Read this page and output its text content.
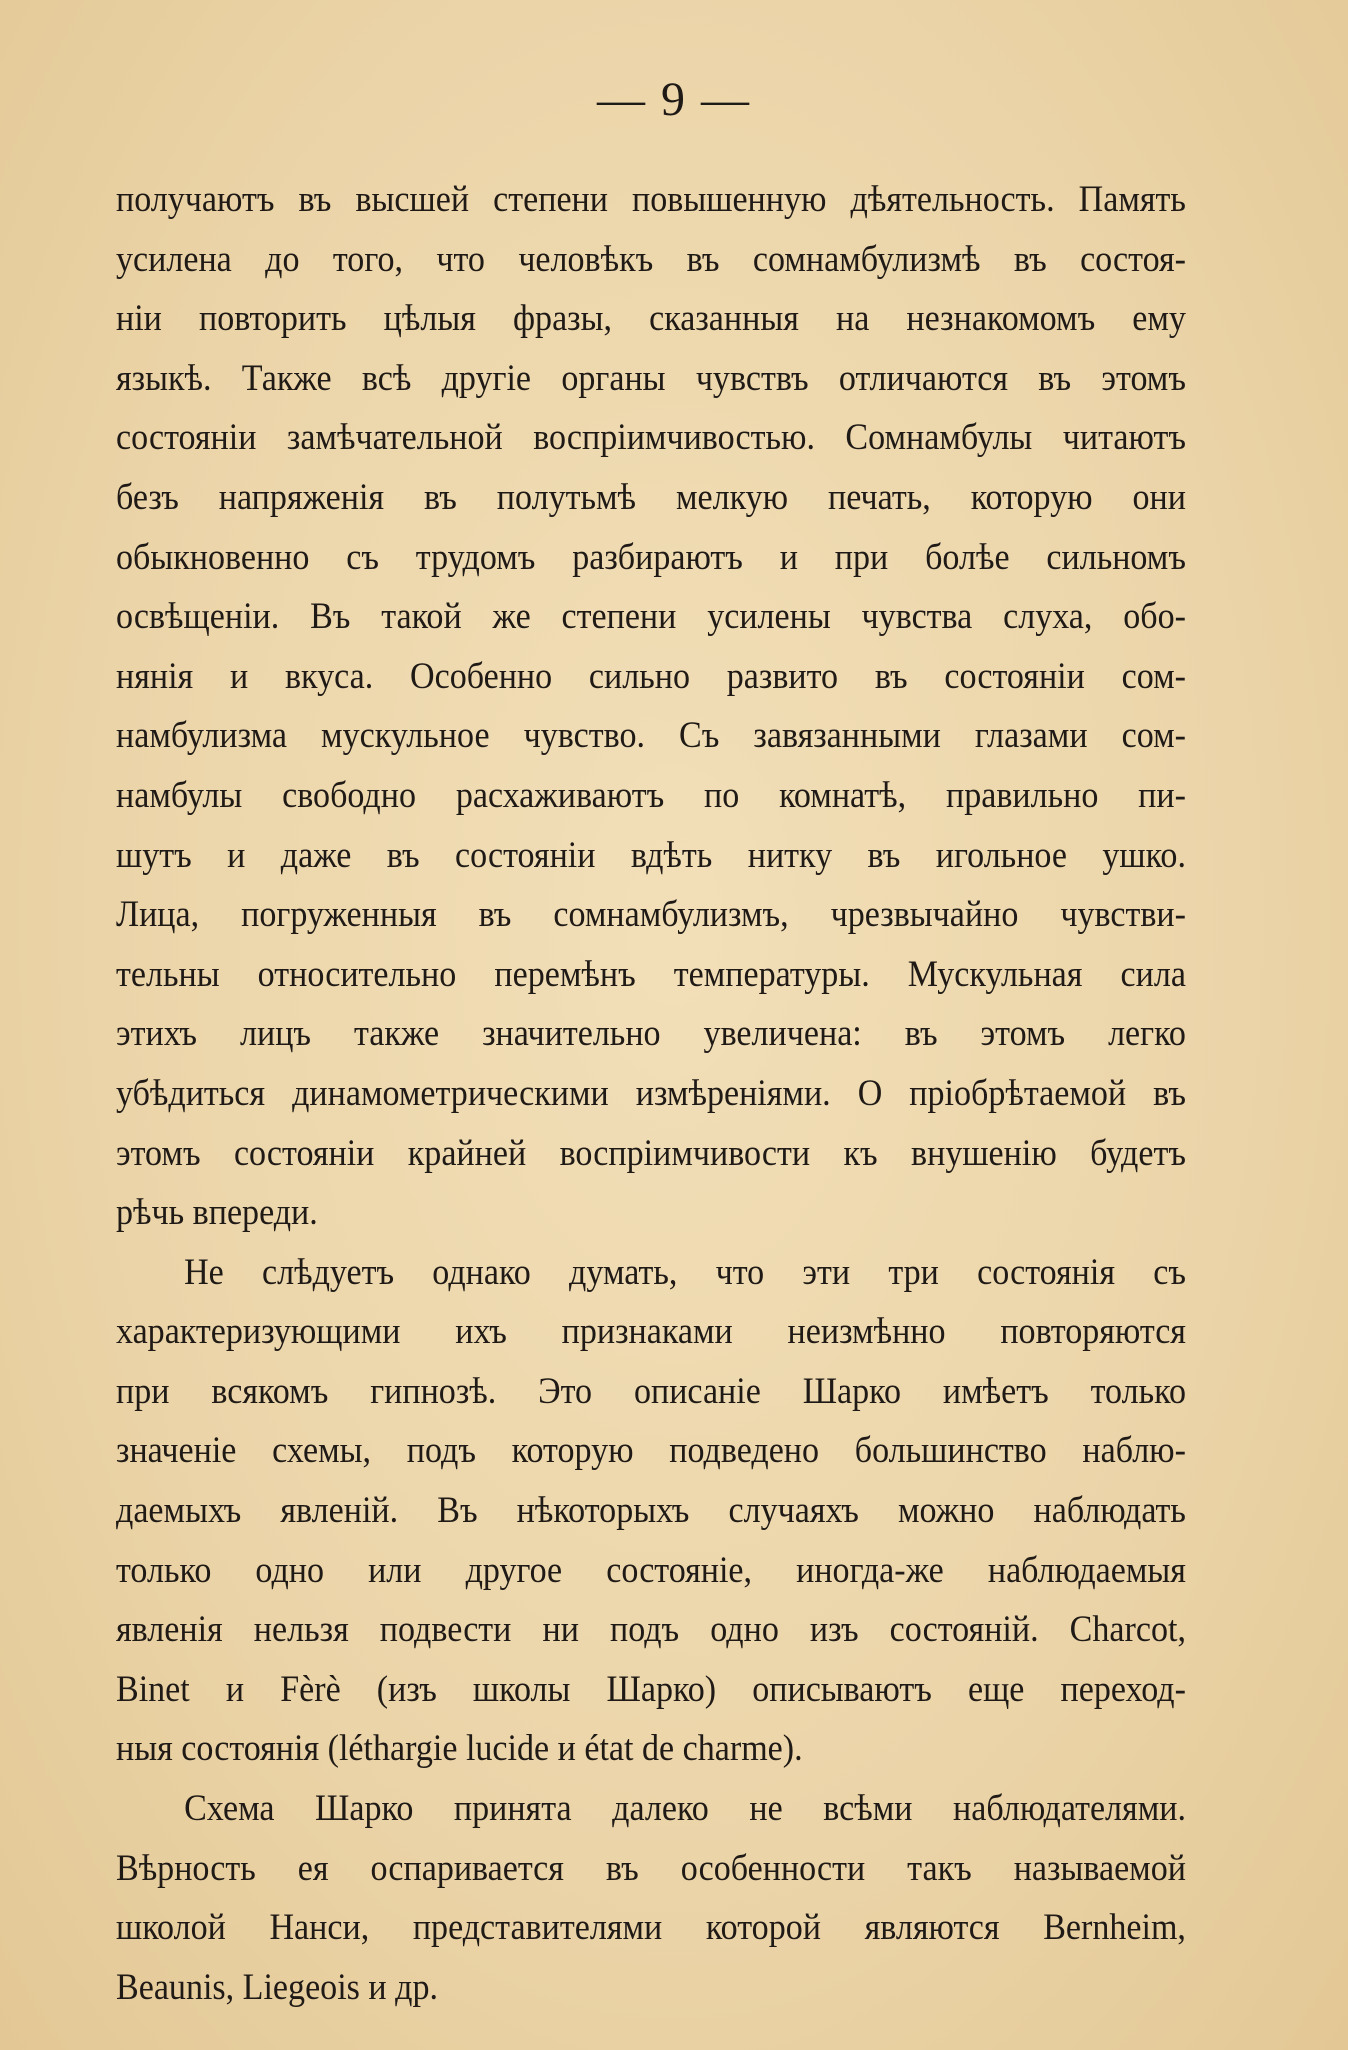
— 9 —
получаютъ въ высшей степени повышенную дѣятельность. Память
усилена до того, что человѣкъ въ сомнамбулизмѣ въ состоя-
нiи повторить цѣлыя фразы, сказанныя на незнакомомъ ему
языкѣ. Также всѣ другiе органы чувствъ отличаются въ этомъ
состоянiи замѣчательной воспрiимчивостью. Сомнамбулы читаютъ
безъ напряженiя въ полутьмѣ мелкую печать, которую они
обыкновенно съ трудомъ разбираютъ и при болѣе сильномъ
освѣщенiи. Въ такой же степени усилены чувства слуха, обо-
нянiя и вкуса. Особенно сильно развито въ состоянiи сом-
намбулизма мускульное чувство. Съ завязанными глазами сом-
намбулы свободно расхаживаютъ по комнатѣ, правильно пи-
шутъ и даже въ состоянiи вдѣть нитку въ игольное ушко.
Лица, погруженныя въ сомнамбулизмъ, чрезвычайно чувстви-
тельны относительно перемѣнъ температуры. Мускульная сила
этихъ лицъ также значительно увеличена: въ этомъ легко
убѣдиться динамометрическими измѣренiями. О прiобрѣтаемой въ
этомъ состоянiи крайней воспрiимчивости къ внушенiю будетъ
рѣчь впереди.
Не слѣдуетъ однако думать, что эти три состоянiя съ
характеризующими ихъ признаками неизмѣнно повторяются
при всякомъ гипнозѣ. Это описанiе Шарко имѣетъ только
значенiе схемы, подъ которую подведено большинство наблю-
даемыхъ явленiй. Въ нѣкоторыхъ случаяхъ можно наблюдать
только одно или другое состоянiе, иногда-же наблюдаемыя
явленiя нельзя подвести ни подъ одно изъ состоянiй. Charcot,
Binet и Fèrè (изъ школы Шарко) описываютъ еще переход-
ныя состоянiя (léthargie lucide и état de charme).
Схема Шарко принята далеко не всѣми наблюдателями.
Вѣрность ея оспаривается въ особенности такъ называемой
школой Нанси, представителями которой являются Bernheim,
Beaunis, Liegeois и др.
